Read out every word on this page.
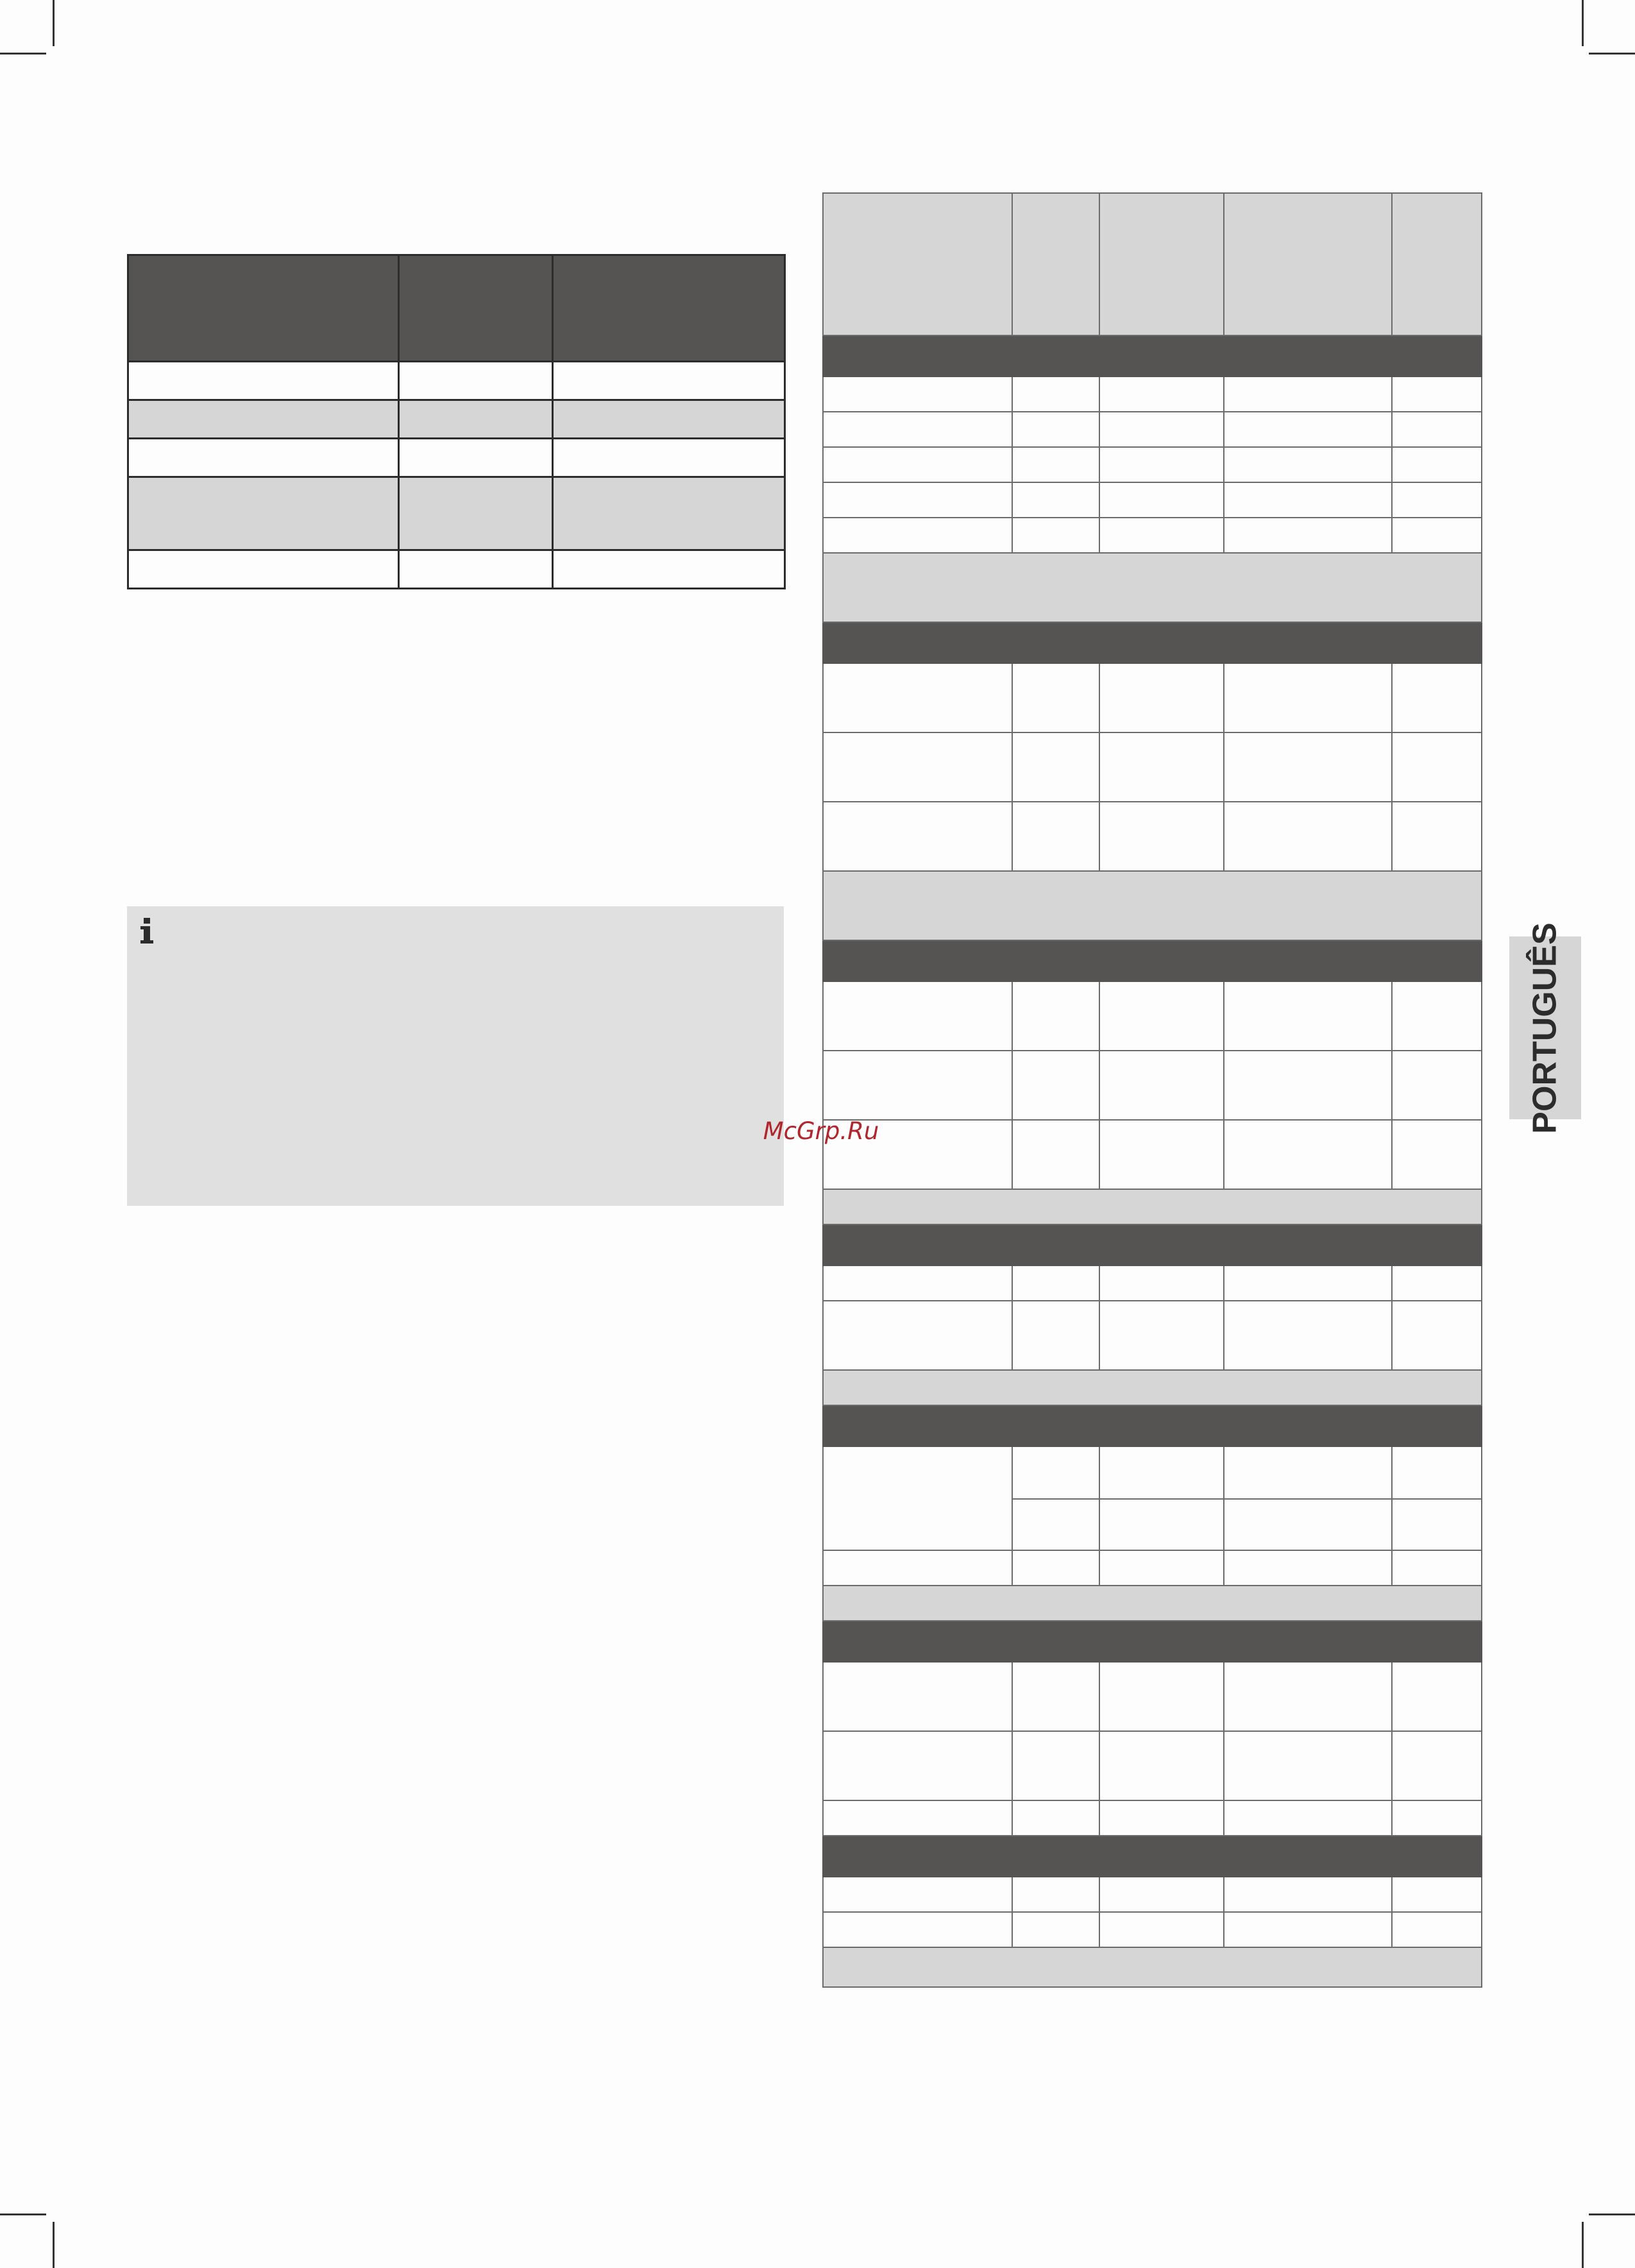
PORTUGUÊS
McGrp.Ru
